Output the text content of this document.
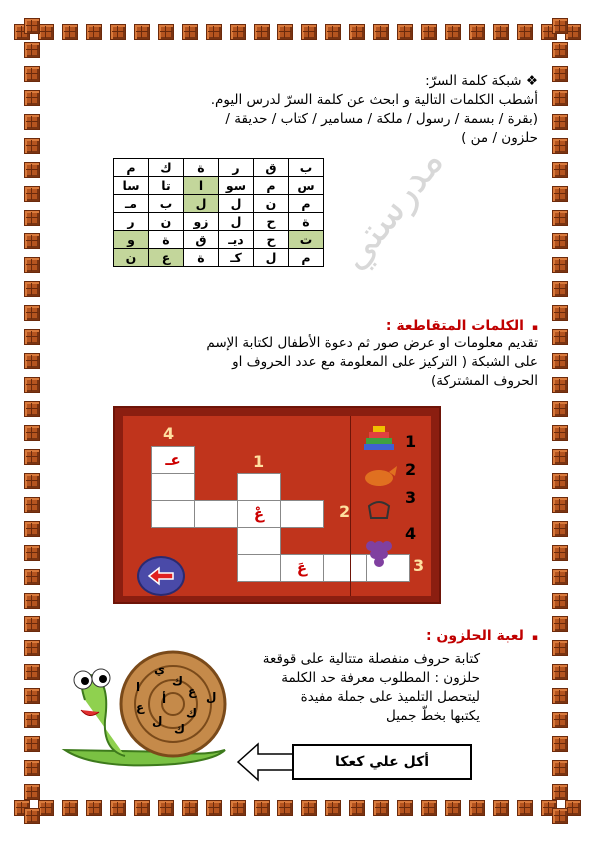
❖ شبكة كلمة السرّ:
أشطب الكلمات التالية و ابحث عن كلمة السرّ لدرس اليوم.
(بقرة / بسمة / رسول / ملكة / مسامير / كتاب / حديقة /
حلزون / من )
م	ك	ة	ر	ق	ب
سا	تا	ا	سو	م	س
مـ	ب	ل	ل	ن	م
ر	ن	زو	ل	ح	ة
و	ة	ق	ديـ	ح	ت
ن	ع	ة	كـ	ل	م مدرستي
▪الكلمات المتقاطعة :
تقديم معلومات او عرض صور ثم دعوة الأطفال لكتابة الإسم
على الشبكة ( التركيز على المعلومة مع عدد الحروف او
الحروف المشتركة)
4
عـ	1
عْ	2
عَ	3
1
2
3
4
▪لعبة الحلزون :
كتابة حروف منفصلة متتالية على قوقعة
حلزون : المطلوب معرفة حد الكلمة
ليتحصل التلميذ على جملة مفيدة
يكتبها بخطّ جميل
ي
ك
ع
ا
ل
أ
ع	ك
ل
ك
أكل علي كعكا
